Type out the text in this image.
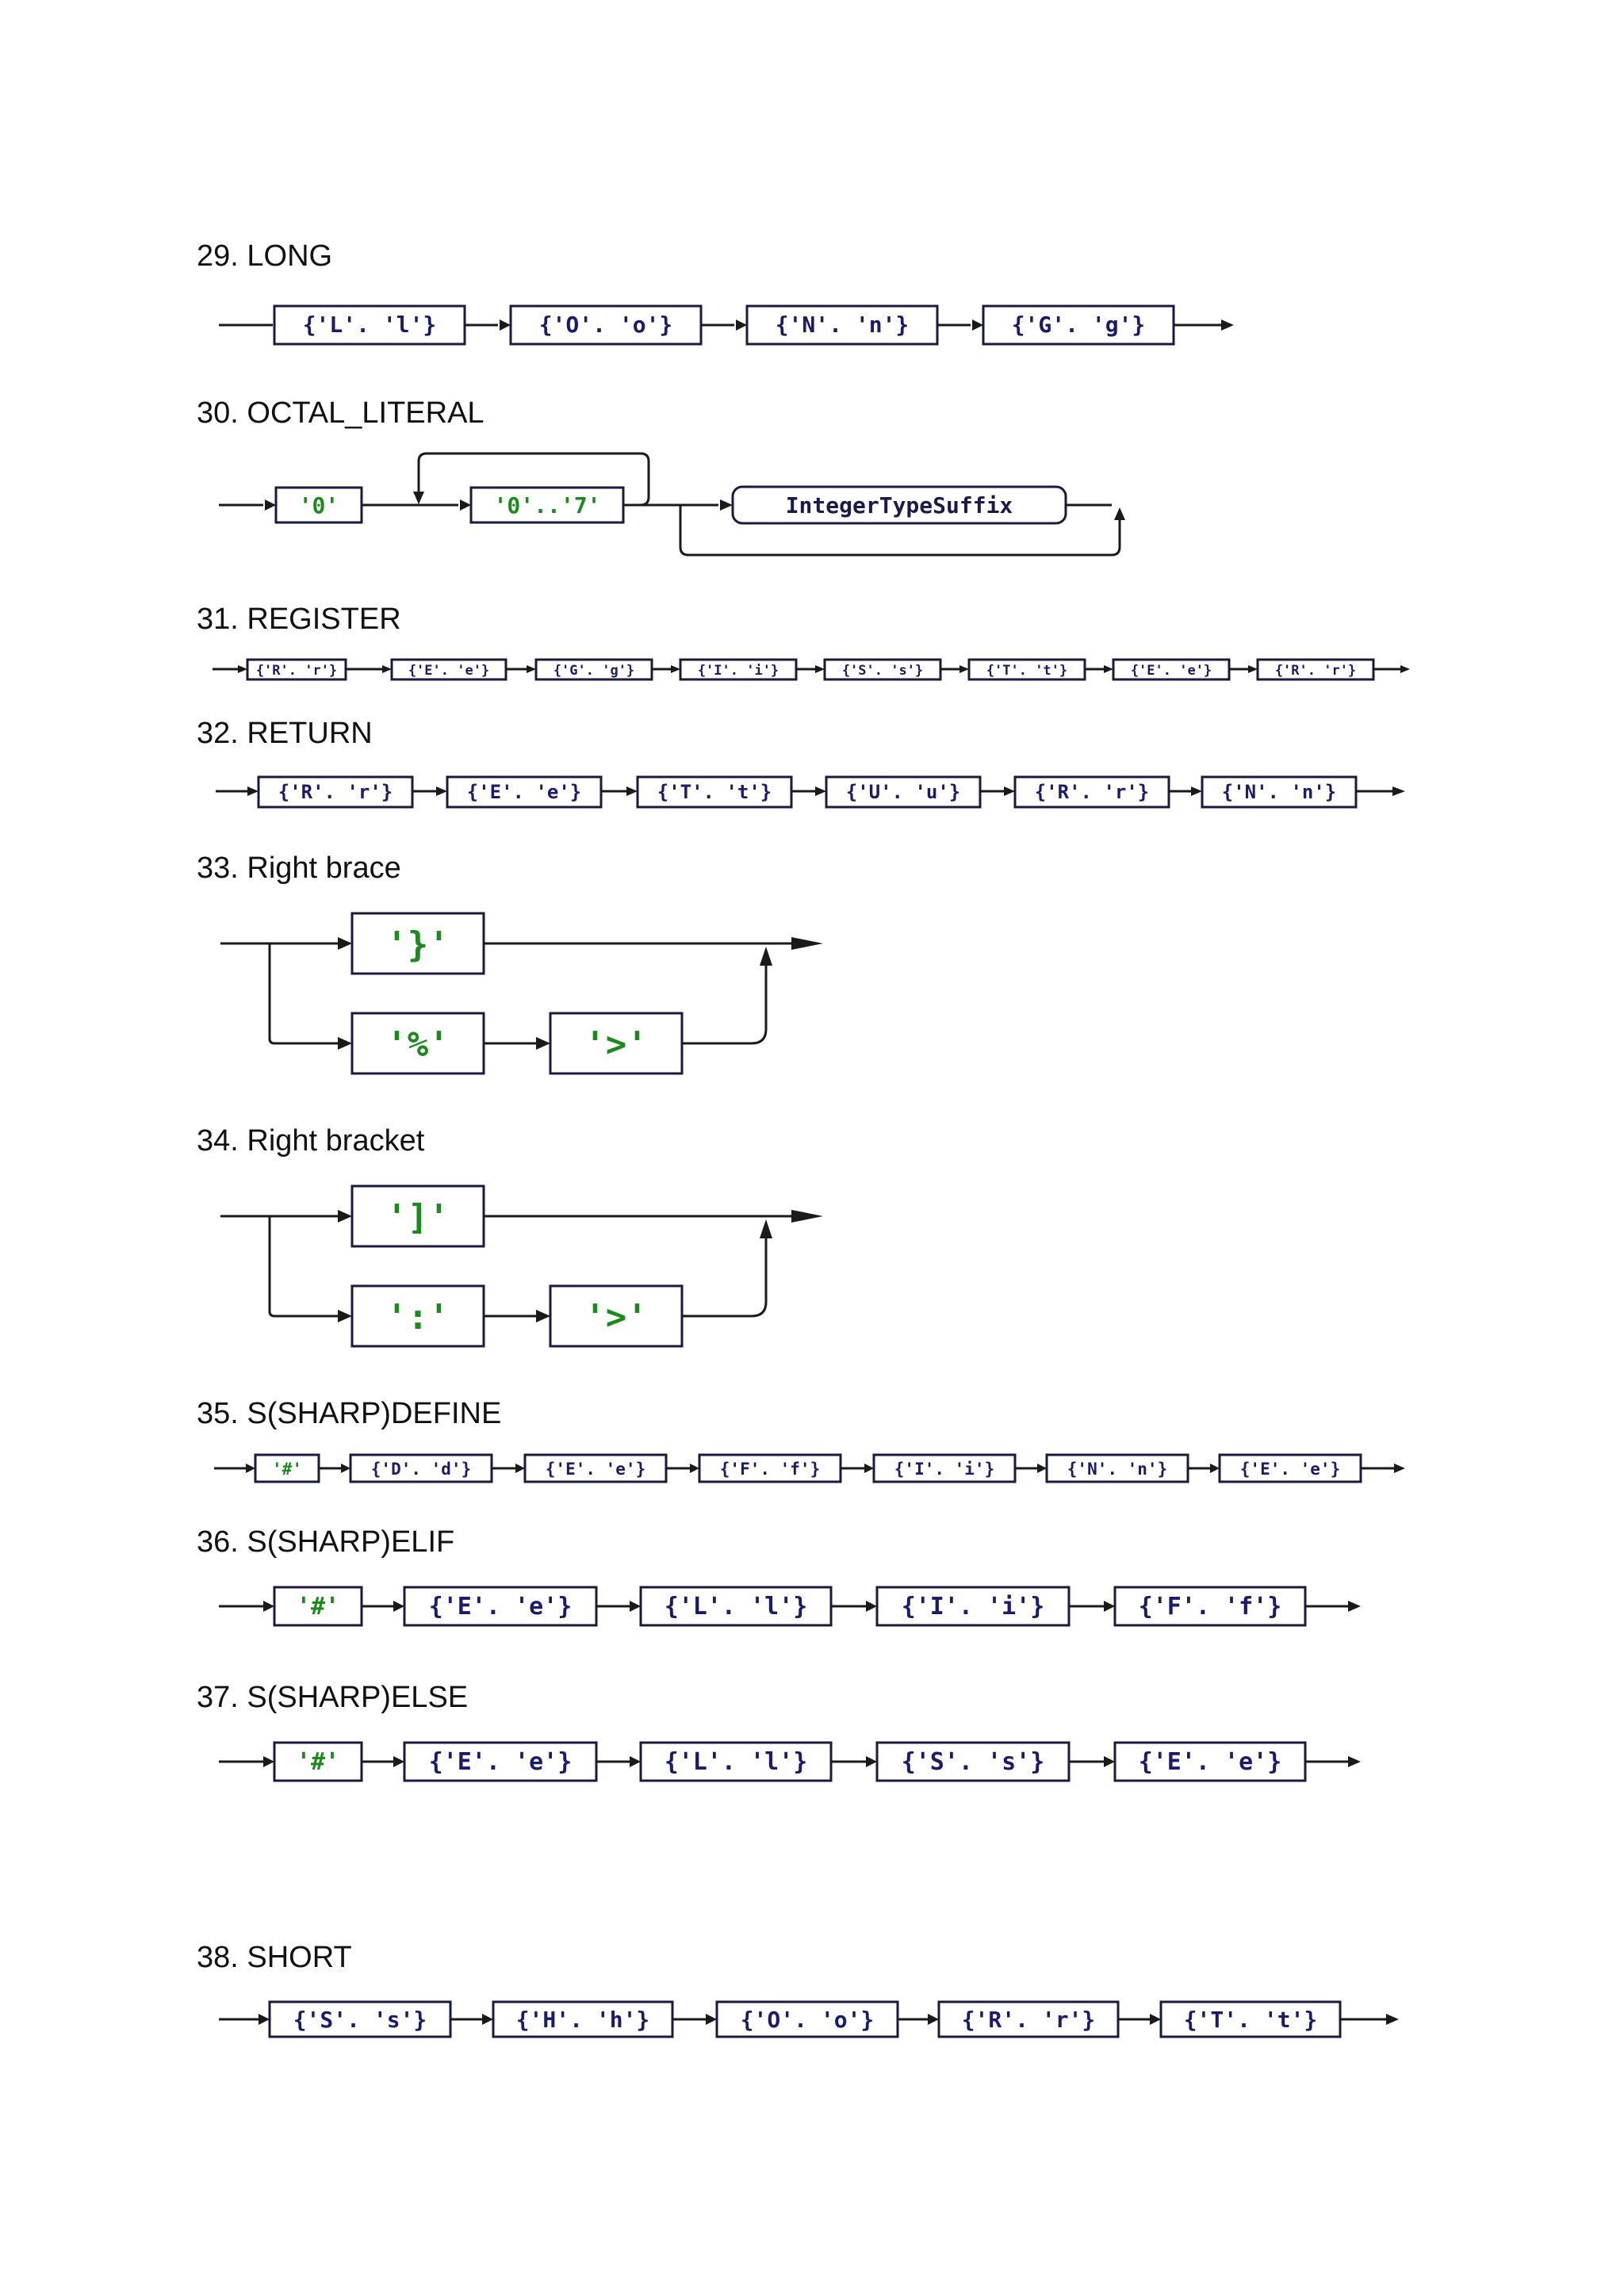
29. LONG
30. OCTAL_LITERAL
31. REGISTER
32. RETURN
33. Right brace
34. Right bracket
35. S(SHARP)DEFINE
36. S(SHARP)ELIF
37. S(SHARP)ELSE
38. SHORT
{'L'. 'l'}	{'O'. 'o'}	{'N'. 'n'}	{'G'. 'g'}
'0'	'0'..'7'	IntegerTypeSuffix
{'R'. 'r'}	{'E'. 'e'}	{'G'. 'g'}	{'I'. 'i'}	{'S'. 's'}	{'T'. 't'}	{'E'. 'e'}	{'R'. 'r'}
{'R'. 'r'}	{'E'. 'e'}	{'T'. 't'}	{'U'. 'u'}	{'R'. 'r'}	{'N'. 'n'}
'}'
'%'	'>'
']'
':'	'>'
'#'	{'D'. 'd'}	{'E'. 'e'}	{'F'. 'f'}	{'I'. 'i'}	{'N'. 'n'}	{'E'. 'e'}
'#'	{'E'. 'e'}	{'L'. 'l'}	{'I'. 'i'}	{'F'. 'f'}
'#'	{'E'. 'e'}	{'L'. 'l'}	{'S'. 's'}	{'E'. 'e'}
{'S'. 's'}	{'H'. 'h'}	{'O'. 'o'}	{'R'. 'r'}	{'T'. 't'}
